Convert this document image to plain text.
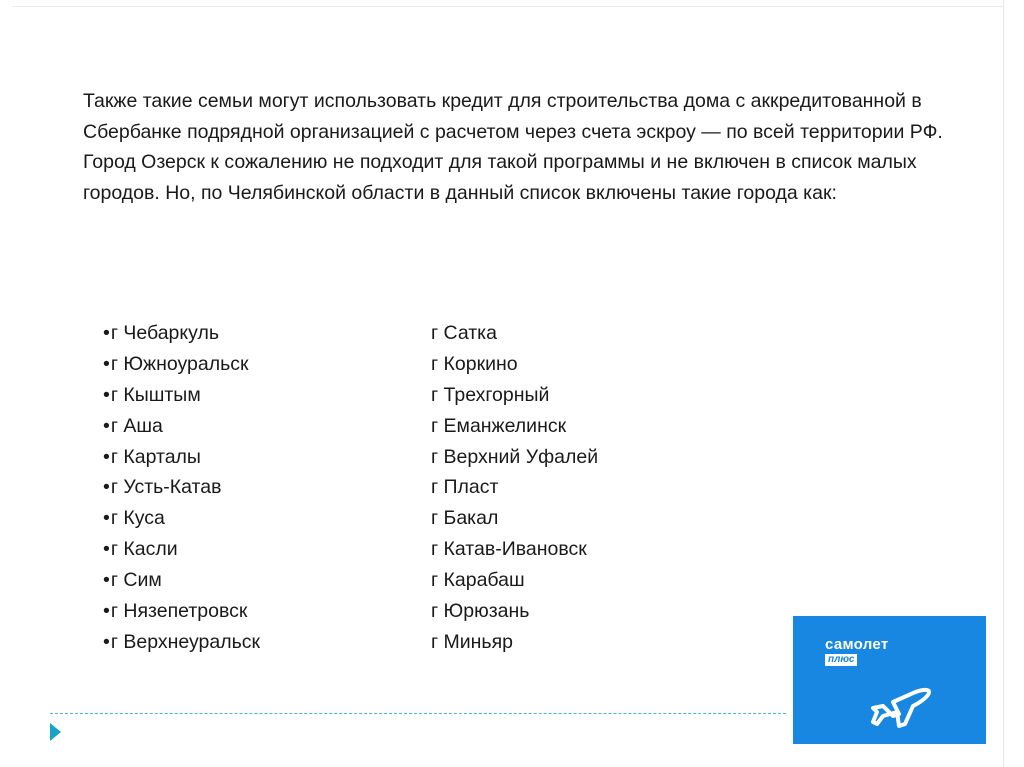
Также такие семьи могут использовать кредит для строительства дома с аккредитованной в Сбербанке подрядной организацией с расчетом через счета эскроу — по всей территории РФ. Город Озерск к сожалению не подходит для такой программы и не включен в список малых городов. Но, по Челябинской области в данный список включены такие города как:

•г Чебаркуль	г Сатка
•г Южноуральск	г Коркино
•г Кыштым	г Трехгорный
•г Аша	г Еманжелинск
•г Карталы	г Верхний Уфалей
•г Усть-Катав	г Пласт
•г Куса	г Бакал
•г Касли	г Катав-Ивановск
•г Сим	г Карабаш
•г Нязепетровск	г Юрюзань
•г Верхнеуральск	г Миньяр	самолет
плюс
